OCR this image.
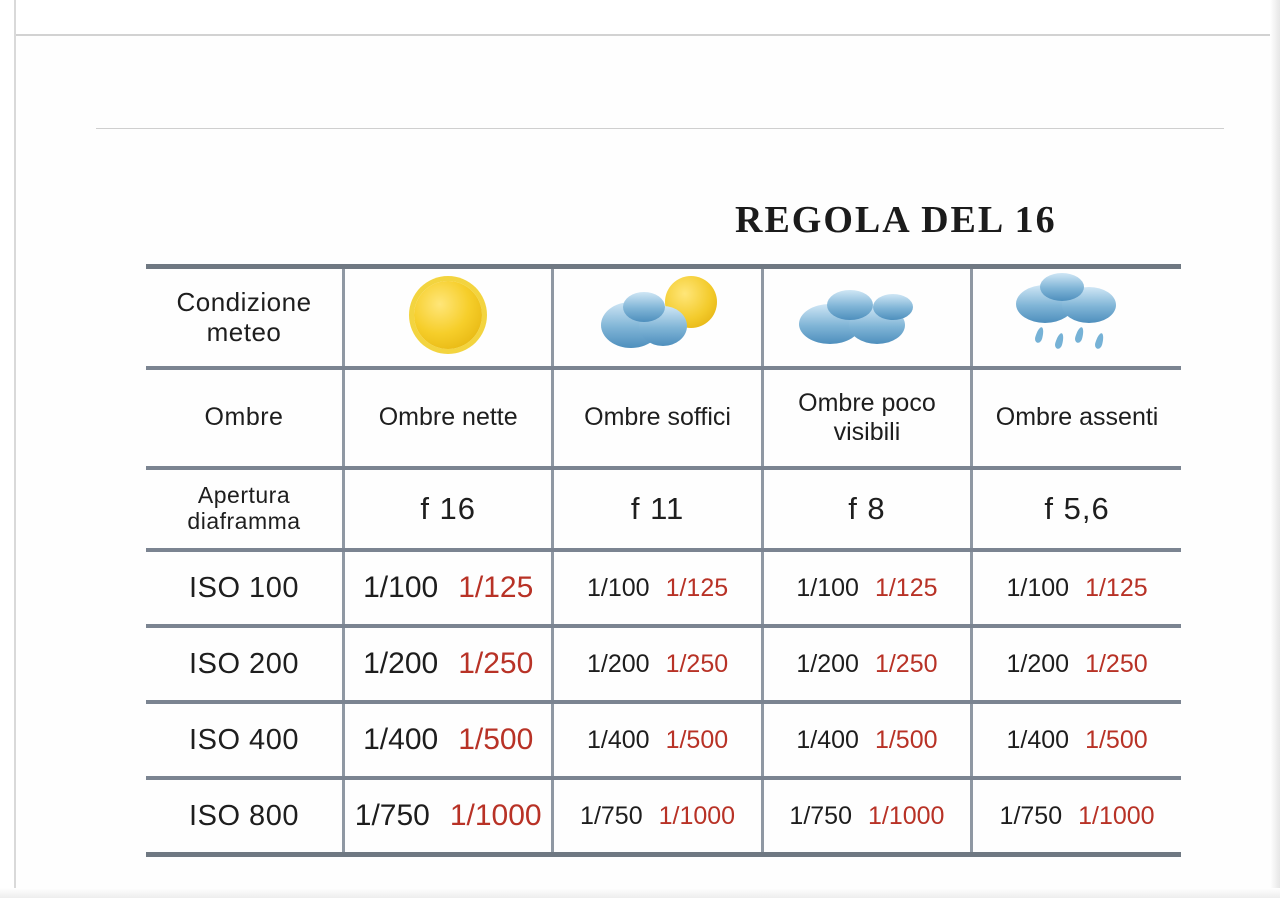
REGOLA DEL 16
Condizione meteo	

Ombre	Ombre nette	Ombre soffici	Ombre poco visibili	Ombre assenti
Apertura diaframma	f 16	f 11	f 8	f 5,6
ISO 100	1/100 1/125	1/100 1/125	1/100 1/125	1/100 1/125

ISO 200	1/200 1/250	1/200 1/250	1/200 1/250	1/200 1/250

ISO 400	1/400 1/500	1/400 1/500	1/400 1/500	1/400 1/500

ISO 800	1/750 1/1000	1/750 1/1000	1/750 1/1000	1/750 1/1000
